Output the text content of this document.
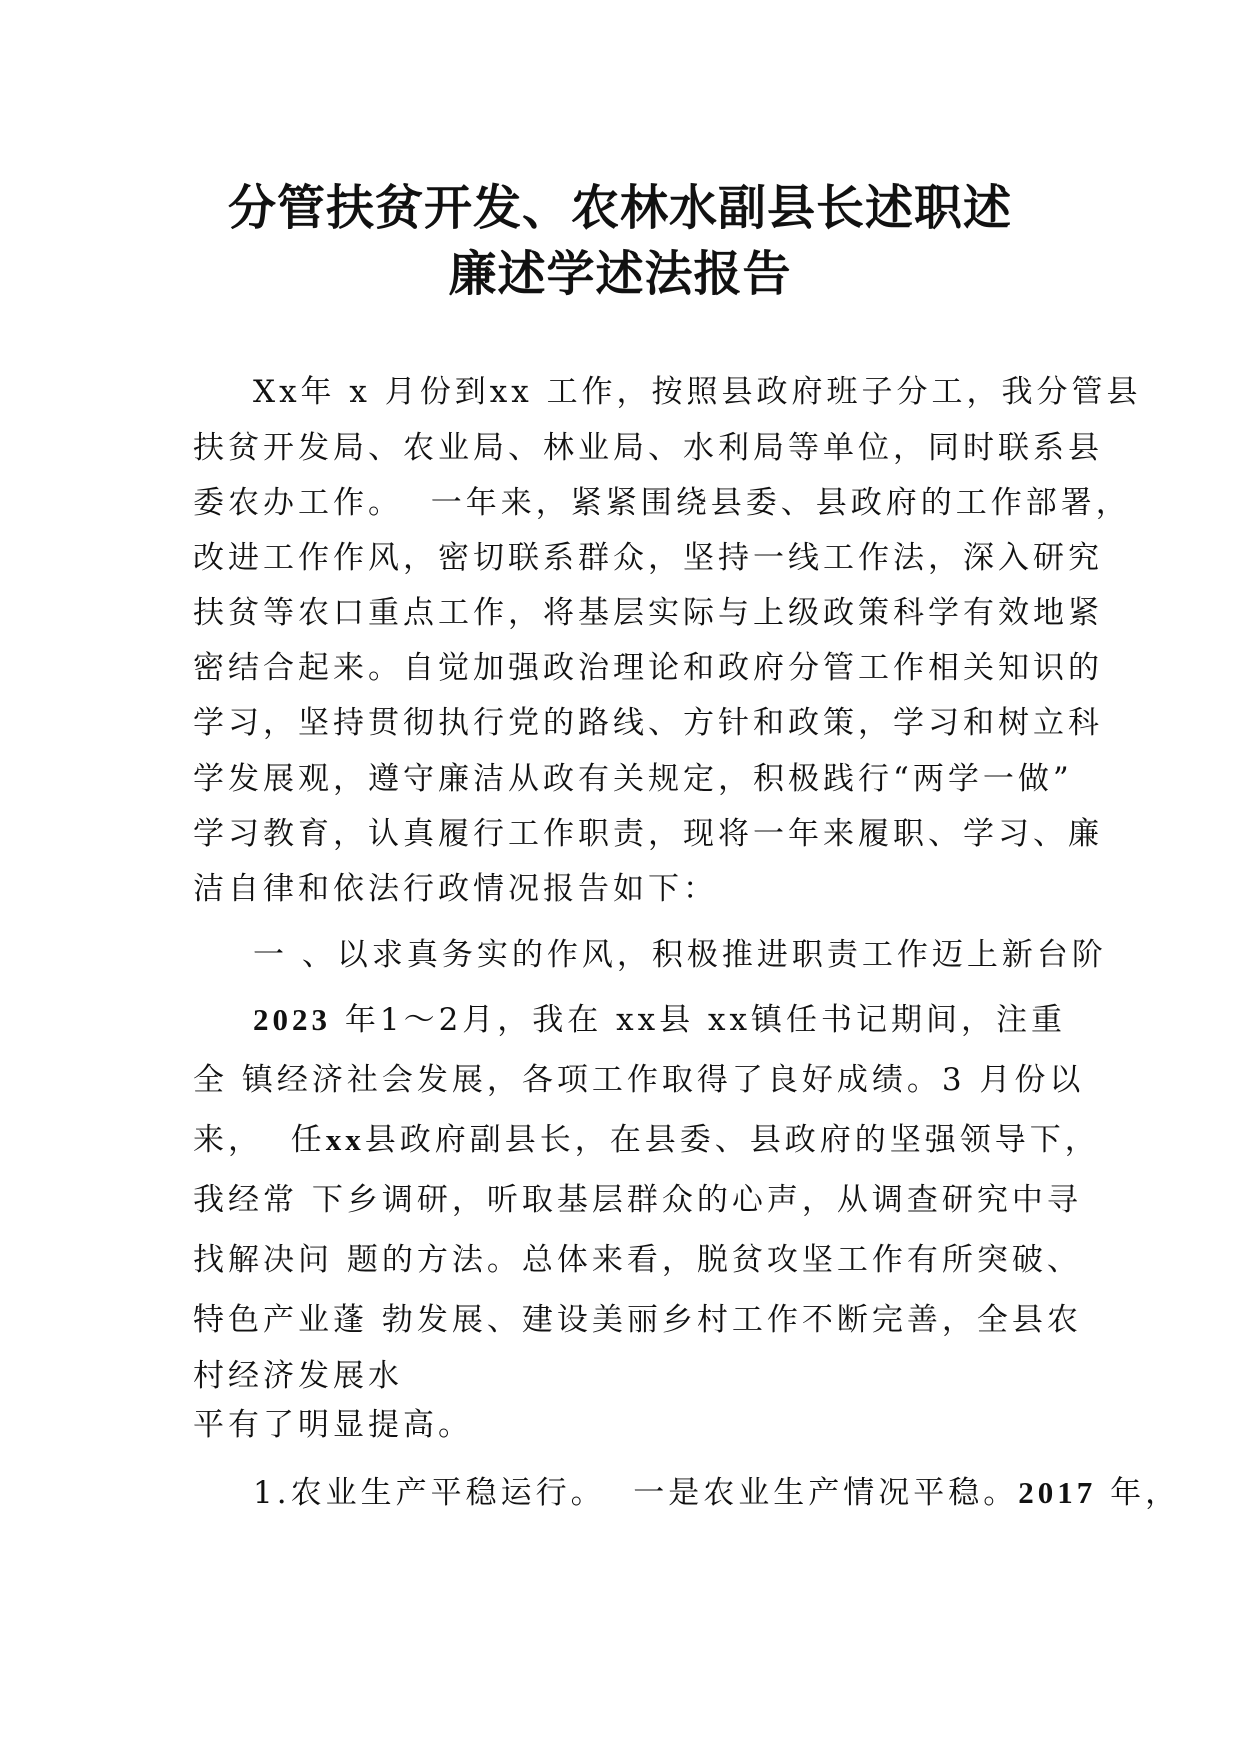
分管扶贫开发、农林水副县长述职述
廉述学述法报告
Xx年 x 月份到xx 工作，按照县政府班子分工，我分管县
扶贫开发局、农业局、林业局、水利局等单位，同时联系县
委农办工作。  一年来，紧紧围绕县委、县政府的工作部署，
改进工作作风，密切联系群众，坚持一线工作法，深入研究
扶贫等农口重点工作，将基层实际与上级政策科学有效地紧
密结合起来。自觉加强政治理论和政府分管工作相关知识的
学习，坚持贯彻执行党的路线、方针和政策，学习和树立科
学发展观，遵守廉洁从政有关规定，积极践行“两学一做”
学习教育，认真履行工作职责，现将一年来履职、学习、廉
洁自律和依法行政情况报告如下：
一 、以求真务实的作风，积极推进职责工作迈上新台阶
2023 年1～2月，我在 xx县 xx镇任书记期间，注重
全 镇经济社会发展，各项工作取得了良好成绩。3 月份以
来，  任xx县政府副县长，在县委、县政府的坚强领导下，
我经常 下乡调研，听取基层群众的心声，从调查研究中寻
找解决问 题的方法。总体来看，脱贫攻坚工作有所突破、
特色产业蓬 勃发展、建设美丽乡村工作不断完善，全县农
村经济发展水
平有了明显提高。
1.农业生产平稳运行。  一是农业生产情况平稳。2017 年，
